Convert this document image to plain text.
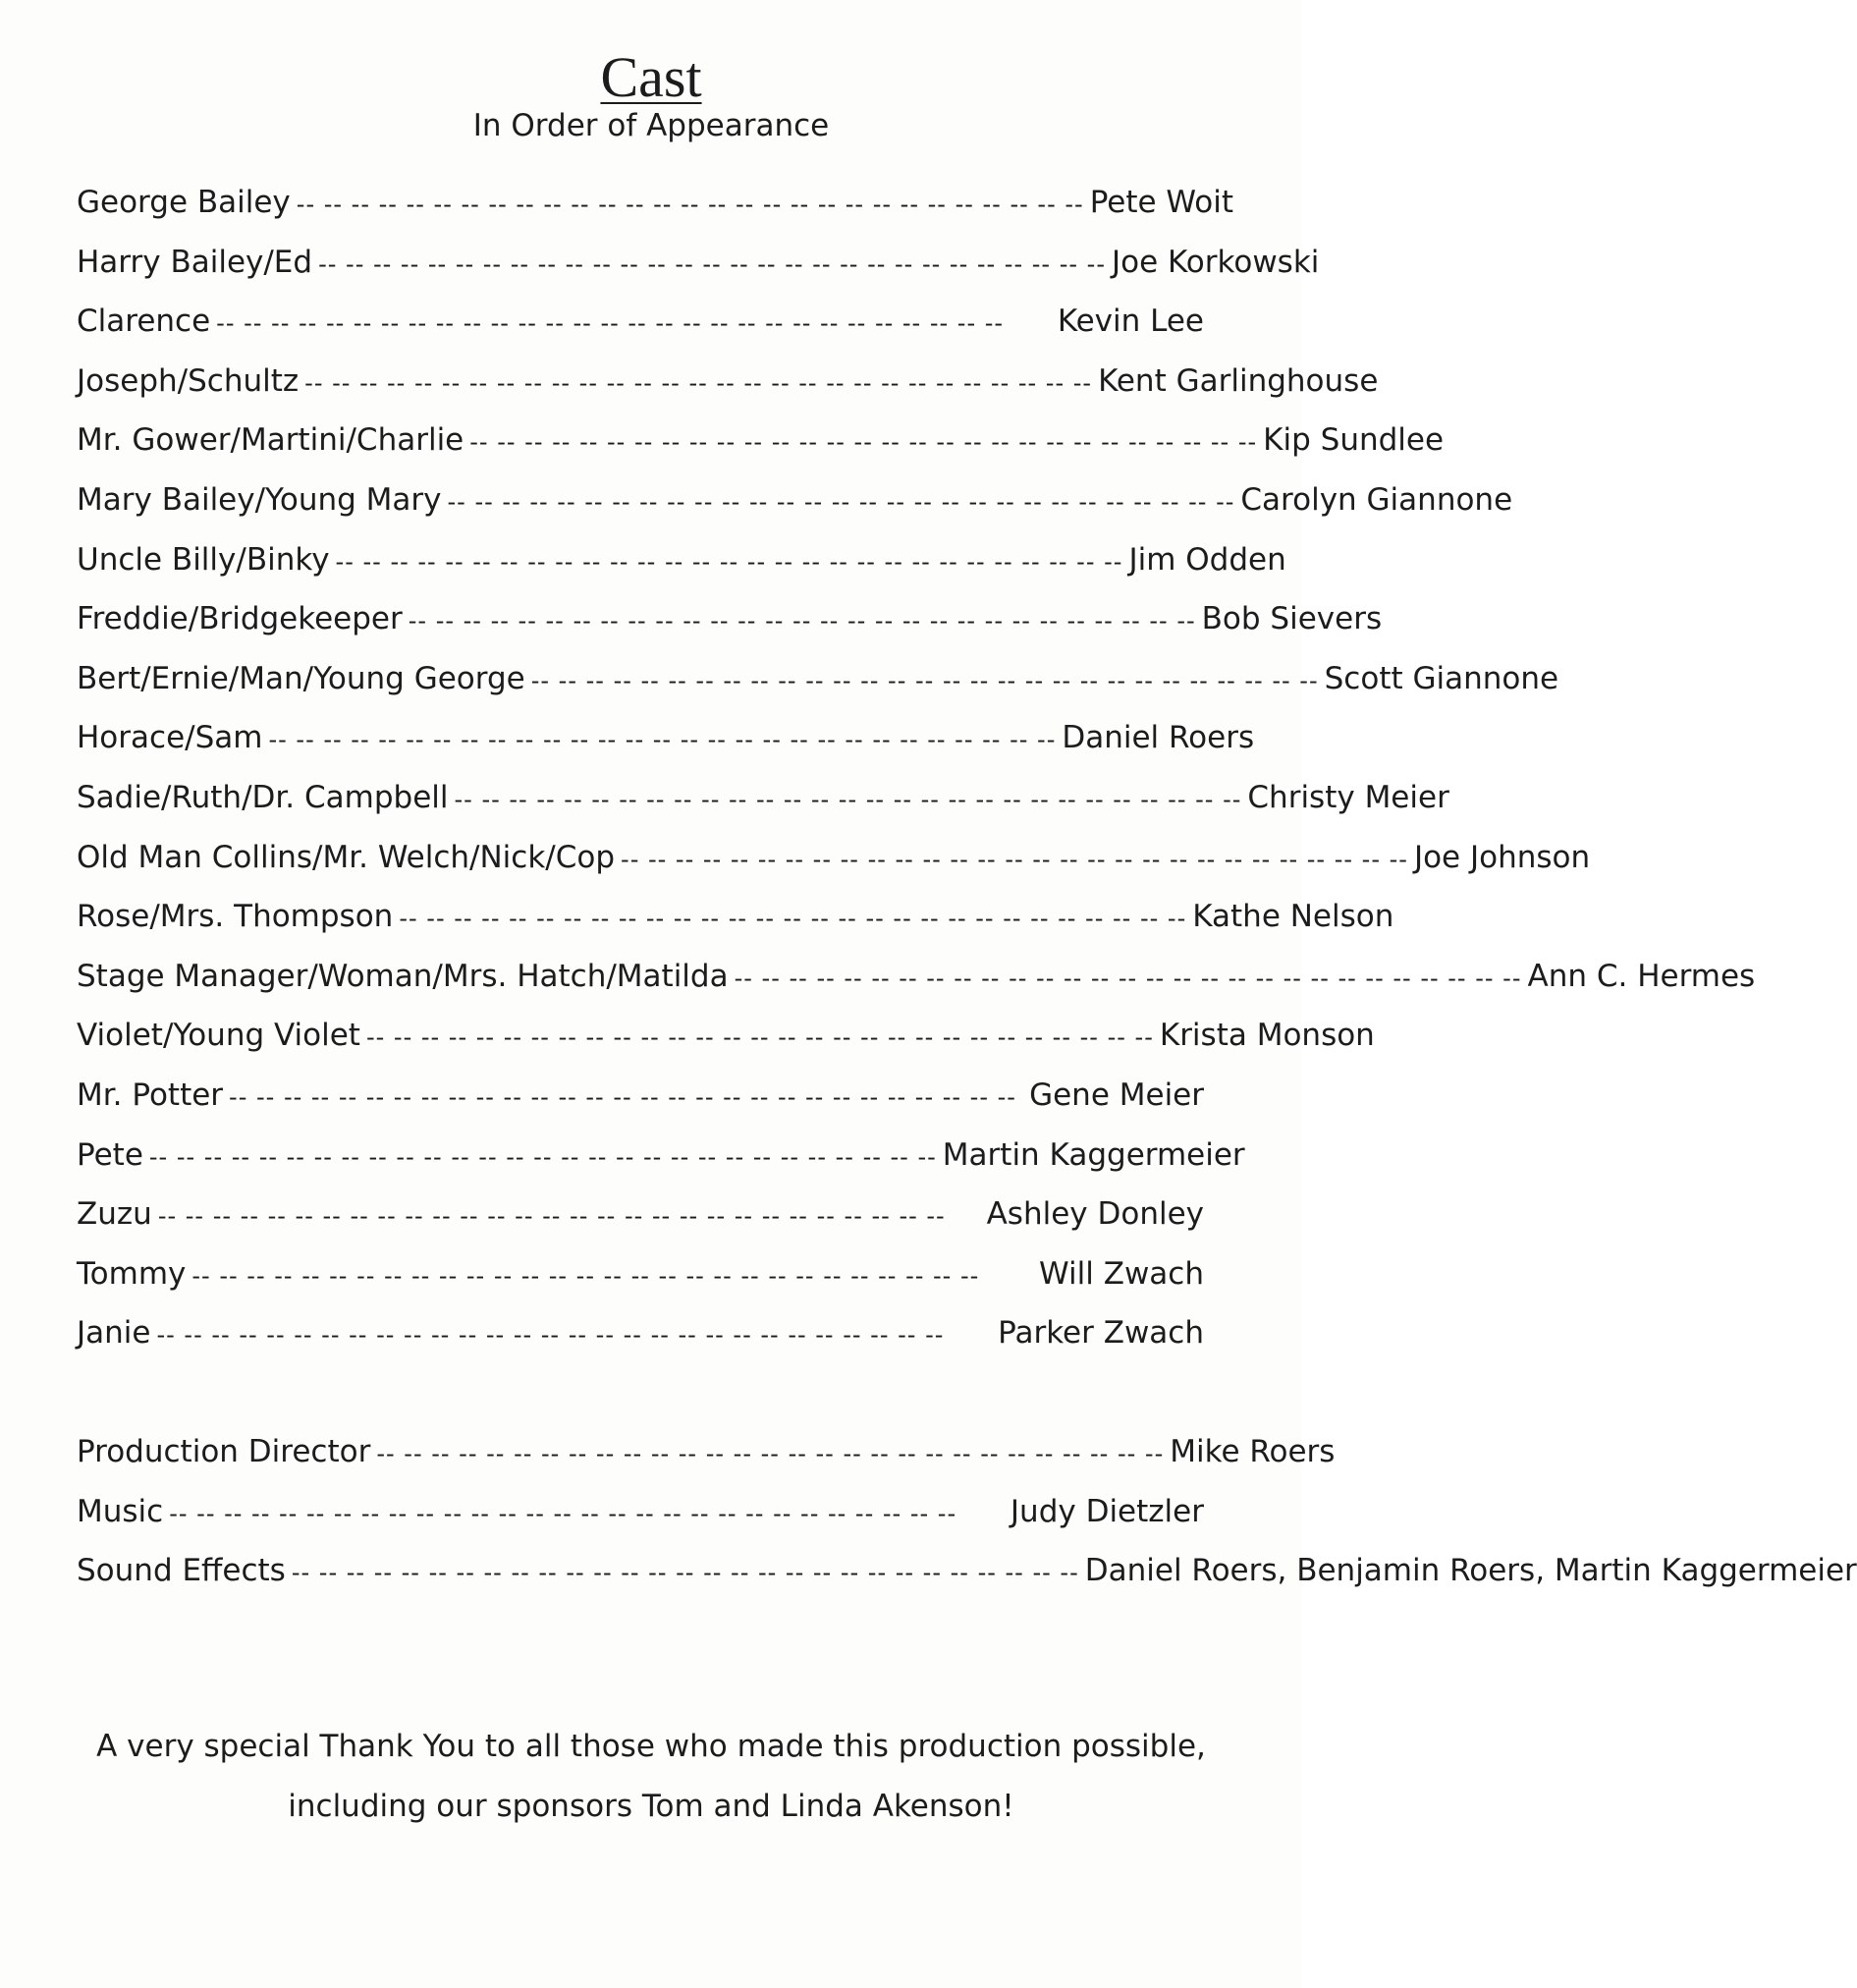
Cast
In Order of Appearance
George Bailey -- -- -- -- -- -- -- -- -- -- -- -- -- -- -- -- -- -- -- -- -- -- -- -- -- -- -- -- -- Pete Woit
Harry Bailey/Ed -- -- -- -- -- -- -- -- -- -- -- -- -- -- -- -- -- -- -- -- -- -- -- -- -- -- -- -- -- Joe Korkowski
Clarence -- -- -- -- -- -- -- -- -- -- -- -- -- -- -- -- -- -- -- -- -- -- -- -- -- -- -- -- --	Kevin Lee
Joseph/Schultz -- -- -- -- -- -- -- -- -- -- -- -- -- -- -- -- -- -- -- -- -- -- -- -- -- -- -- -- -- Kent Garlinghouse
Mr. Gower/Martini/Charlie -- -- -- -- -- -- -- -- -- -- -- -- -- -- -- -- -- -- -- -- -- -- -- -- -- -- -- -- -- Kip Sundlee
Mary Bailey/Young Mary -- -- -- -- -- -- -- -- -- -- -- -- -- -- -- -- -- -- -- -- -- -- -- -- -- -- -- -- -- Carolyn Giannone
Uncle Billy/Binky -- -- -- -- -- -- -- -- -- -- -- -- -- -- -- -- -- -- -- -- -- -- -- -- -- -- -- -- -- Jim Odden
Freddie/Bridgekeeper -- -- -- -- -- -- -- -- -- -- -- -- -- -- -- -- -- -- -- -- -- -- -- -- -- -- -- -- -- Bob Sievers
Bert/Ernie/Man/Young George -- -- -- -- -- -- -- -- -- -- -- -- -- -- -- -- -- -- -- -- -- -- -- -- -- -- -- -- -- Scott Giannone
Horace/Sam -- -- -- -- -- -- -- -- -- -- -- -- -- -- -- -- -- -- -- -- -- -- -- -- -- -- -- -- -- Daniel Roers
Sadie/Ruth/Dr. Campbell -- -- -- -- -- -- -- -- -- -- -- -- -- -- -- -- -- -- -- -- -- -- -- -- -- -- -- -- -- Christy Meier
Old Man Collins/Mr. Welch/Nick/Cop -- -- -- -- -- -- -- -- -- -- -- -- -- -- -- -- -- -- -- -- -- -- -- -- -- -- -- -- -- Joe Johnson
Rose/Mrs. Thompson -- -- -- -- -- -- -- -- -- -- -- -- -- -- -- -- -- -- -- -- -- -- -- -- -- -- -- -- -- Kathe Nelson
Stage Manager/Woman/Mrs. Hatch/Matilda -- -- -- -- -- -- -- -- -- -- -- -- -- -- -- -- -- -- -- -- -- -- -- -- -- -- -- -- -- Ann C. Hermes
Violet/Young Violet -- -- -- -- -- -- -- -- -- -- -- -- -- -- -- -- -- -- -- -- -- -- -- -- -- -- -- -- -- Krista Monson
Mr. Potter -- -- -- -- -- -- -- -- -- -- -- -- -- -- -- -- -- -- -- -- -- -- -- -- -- -- -- -- -- Gene Meier
Pete -- -- -- -- -- -- -- -- -- -- -- -- -- -- -- -- -- -- -- -- -- -- -- -- -- -- -- -- -- Martin Kaggermeier
Zuzu -- -- -- -- -- -- -- -- -- -- -- -- -- -- -- -- -- -- -- -- -- -- -- -- -- -- -- -- --	Ashley Donley
Tommy -- -- -- -- -- -- -- -- -- -- -- -- -- -- -- -- -- -- -- -- -- -- -- -- -- -- -- -- --	Will Zwach
Janie -- -- -- -- -- -- -- -- -- -- -- -- -- -- -- -- -- -- -- -- -- -- -- -- -- -- -- -- --	Parker Zwach
Production Director -- -- -- -- -- -- -- -- -- -- -- -- -- -- -- -- -- -- -- -- -- -- -- -- -- -- -- -- -- Mike Roers
Music -- -- -- -- -- -- -- -- -- -- -- -- -- -- -- -- -- -- -- -- -- -- -- -- -- -- -- -- --	Judy Dietzler
Sound Effects -- -- -- -- -- -- -- -- -- -- -- -- -- -- -- -- -- -- -- -- -- -- -- -- -- -- -- -- -- Daniel Roers, Benjamin Roers, Martin Kaggermeier
A very special Thank You to all those who made this production possible,
including our sponsors Tom and Linda Akenson!
